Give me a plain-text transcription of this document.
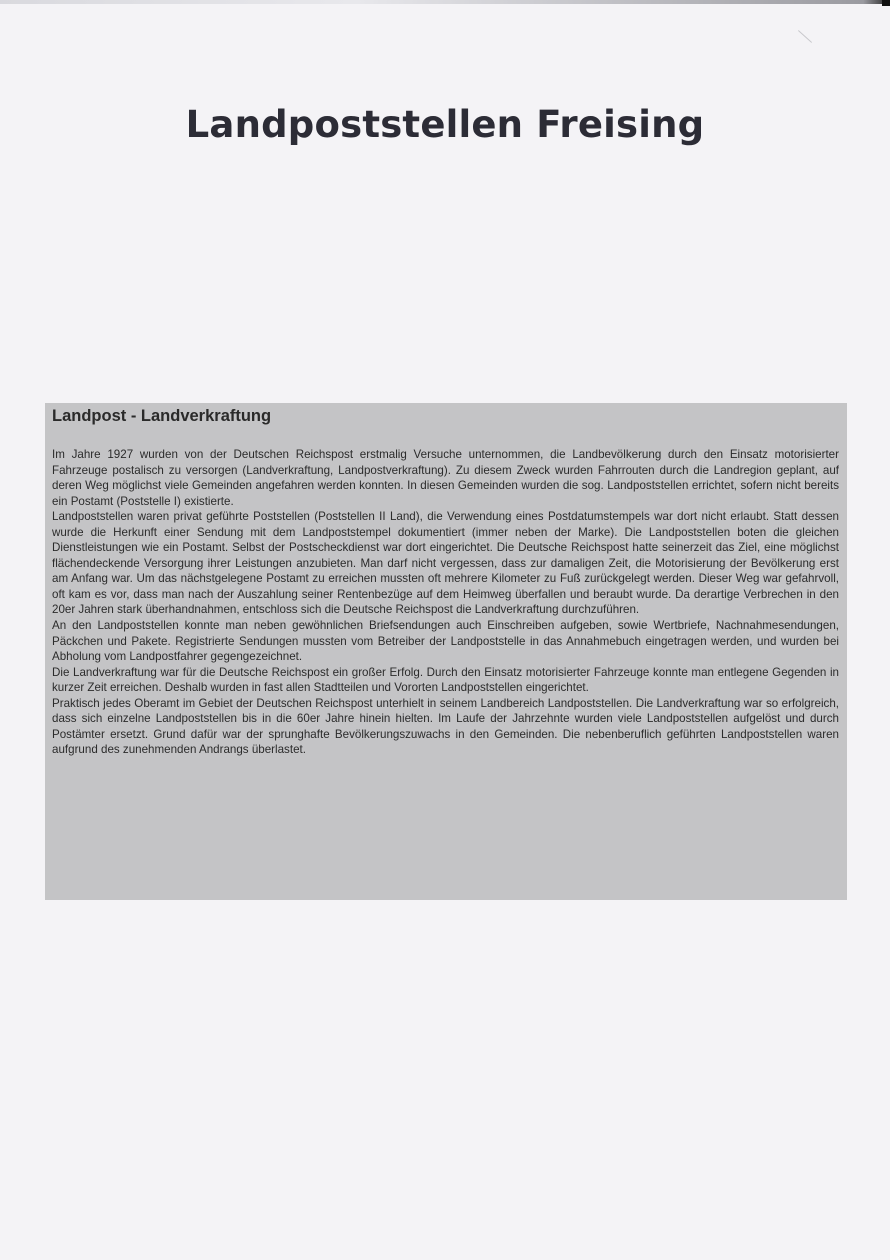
Landpoststellen Freising
Landpost - Landverkraftung

Im Jahre 1927 wurden von der Deutschen Reichspost erstmalig Versuche unternommen, die Landbevölkerung durch den Einsatz motorisierter Fahrzeuge postalisch zu versorgen (Landverkraftung, Landpostverkraftung). Zu diesem Zweck wurden Fahrrouten durch die Landregion geplant, auf deren Weg möglichst viele Gemeinden angefahren werden konnten. In diesen Gemeinden wurden die sog. Landpoststellen errichtet, sofern nicht bereits ein Postamt (Poststelle I) existierte.

Landpoststellen waren privat geführte Poststellen (Poststellen II Land), die Verwendung eines Postdatumstempels war dort nicht erlaubt. Statt dessen wurde die Herkunft einer Sendung mit dem Landpoststempel dokumentiert (immer neben der Marke). Die Landpoststellen boten die gleichen Dienstleistungen wie ein Postamt. Selbst der Postscheckdienst war dort eingerichtet. Die Deutsche Reichspost hatte seinerzeit das Ziel, eine möglichst flächendeckende Versorgung ihrer Leistungen anzubieten. Man darf nicht vergessen, dass zur damaligen Zeit, die Motorisierung der Bevölkerung erst am Anfang war. Um das nächstgelegene Postamt zu erreichen mussten oft mehrere Kilometer zu Fuß zurückgelegt werden. Dieser Weg war gefahrvoll, oft kam es vor, dass man nach der Auszahlung seiner Rentenbezüge auf dem Heimweg überfallen und beraubt wurde. Da derartige Verbrechen in den 20er Jahren stark überhandnahmen, entschloss sich die Deutsche Reichspost die Landverkraftung durchzuführen.

An den Landpoststellen konnte man neben gewöhnlichen Briefsendungen auch Einschreiben aufgeben, sowie Wertbriefe, Nachnahmesendungen, Päckchen und Pakete. Registrierte Sendungen mussten vom Betreiber der Landpoststelle in das Annahmebuch eingetragen werden, und wurden bei Abholung vom Landpostfahrer gegengezeichnet.

Die Landverkraftung war für die Deutsche Reichspost ein großer Erfolg. Durch den Einsatz motorisierter Fahrzeuge konnte man entlegene Gegenden in kurzer Zeit erreichen. Deshalb wurden in fast allen Stadtteilen und Vororten Landpoststellen eingerichtet.

Praktisch jedes Oberamt im Gebiet der Deutschen Reichspost unterhielt in seinem Landbereich Landpoststellen. Die Landverkraftung war so erfolgreich, dass sich einzelne Landpoststellen bis in die 60er Jahre hinein hielten. Im Laufe der Jahrzehnte wurden viele Landpoststellen aufgelöst und durch Postämter ersetzt. Grund dafür war der sprunghafte Bevölkerungszuwachs in den Gemeinden. Die nebenberuflich geführten Landpoststellen waren aufgrund des zunehmenden Andrangs überlastet.
